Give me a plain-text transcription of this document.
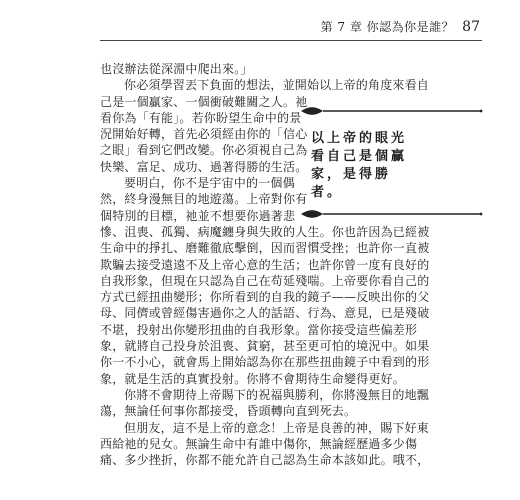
第 7 章 你認為你是誰？ 87
也沒辦法從深淵中爬出來。」
你必須學習丟下負面的想法，並開始以上帝的角度來看自
己是一個贏家、一個衝破難關之人。祂
看你為「有能」。若你盼望生命中的景
況開始好轉，首先必須經由你的「信心
之眼」看到它們改變。你必須視自己為
快樂、富足、成功、過著得勝的生活。
要明白，你不是宇宙中的一個偶
然，終身漫無目的地遊蕩。上帝對你有
個特別的目標，祂並不想要你過著悲
慘、沮喪、孤獨、病魔纏身與失敗的人生。你也許因為已經被
生命中的掙扎、磨難徹底擊倒，因而習慣受挫；也許你一直被
欺騙去接受遠遠不及上帝心意的生活；也許你曾一度有良好的
自我形象，但現在只認為自己在苟延殘喘。上帝要你看自己的
方式已經扭曲變形；你所看到的自我的鏡子——反映出你的父
母、同儕或曾經傷害過你之人的話語、行為、意見，已是殘破
不堪，投射出你變形扭曲的自我形象。當你接受這些偏差形
象，就將自己投身於沮喪、貧窮，甚至更可怕的境況中。如果
你一不小心，就會馬上開始認為你在那些扭曲鏡子中看到的形
象，就是生活的真實投射。你將不會期待生命變得更好。
你將不會期待上帝賜下的祝福與勝利，你將漫無目的地飄
蕩，無論任何事你都接受，昏頭轉向直到死去。
但朋友，這不是上帝的意念！上帝是良善的神，賜下好東
西給祂的兒女。無論生命中有誰中傷你，無論經歷過多少傷
痛、多少挫折，你都不能允許自己認為生命本該如此。哦不，
以上帝的眼光
看自己是個贏
家，是得勝
者。
